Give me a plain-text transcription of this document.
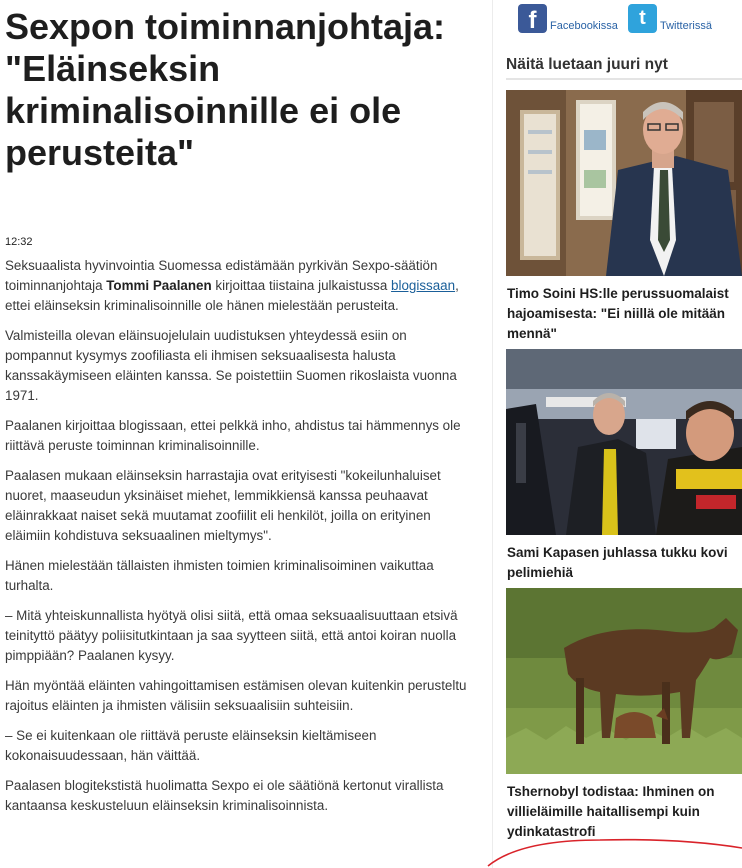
Sexpon toiminnanjohtaja: "Eläinseksin kriminalisoinnille ei ole perusteita"
12:32

Seksuaalista hyvinvointia Suomessa edistämään pyrkivän Sexpo-säätiön toiminnanjohtaja Tommi Paalanen kirjoittaa tiistaina julkaistussa blogissaan, ettei eläinseksin kriminalisoinnille ole hänen mielestään perusteita.

Valmisteilla olevan eläinsuojelulain uudistuksen yhteydessä esiin on pompannut kysymys zoofiliasta eli ihmisen seksuaalisesta halusta kanssakäymiseen eläinten kanssa. Se poistettiin Suomen rikoslaista vuonna 1971.

Paalanen kirjoittaa blogissaan, ettei pelkkä inho, ahdistus tai hämmennys ole riittävä peruste toiminnan kriminalisoinnille.

Paalasen mukaan eläinseksin harrastajia ovat erityisesti "kokeilunhaluiset nuoret, maaseudun yksinäiset miehet, lemmikkiensä kanssa peuhaavat eläinrakkaat naiset sekä muutamat zoofiilit eli henkilöt, joilla on erityinen eläimiin kohdistuva seksuaalinen mieltymys".

Hänen mielestään tällaisten ihmisten toimien kriminalisoiminen vaikuttaa turhalta.

– Mitä yhteiskunnallista hyötyä olisi siitä, että omaa seksuaalisuuttaan etsivä teinityttö päätyy poliisitutkintaan ja saa syytteen siitä, että antoi koiran nuolla pimppiään? Paalanen kysyy.

Hän myöntää eläinten vahingoittamisen estämisen olevan kuitenkin perusteltu rajoitus eläinten ja ihmisten välisiin seksuaalisiin suhteisiin.

– Se ei kuitenkaan ole riittävä peruste eläinseksin kieltämiseen kokonaisuudessaan, hän väittää.

Paalasen blogitekstistä huolimatta Sexpo ei ole säätiönä kertonut virallista kantaansa keskusteluun eläinseksin kriminalisoinnista.

f	Facebookissa	t	Twitterissä
Näitä luetaan juuri nyt

Timo Soini HS:lle perussuomalaist
hajoamisesta: "Ei niillä ole mitään
mennä"

Sami Kapasen juhlassa tukku kovi
pelimiehiä

Tshernobyl todistaa: Ihminen on
villieläimille haitallisempi kuin
ydinkatastrofi
